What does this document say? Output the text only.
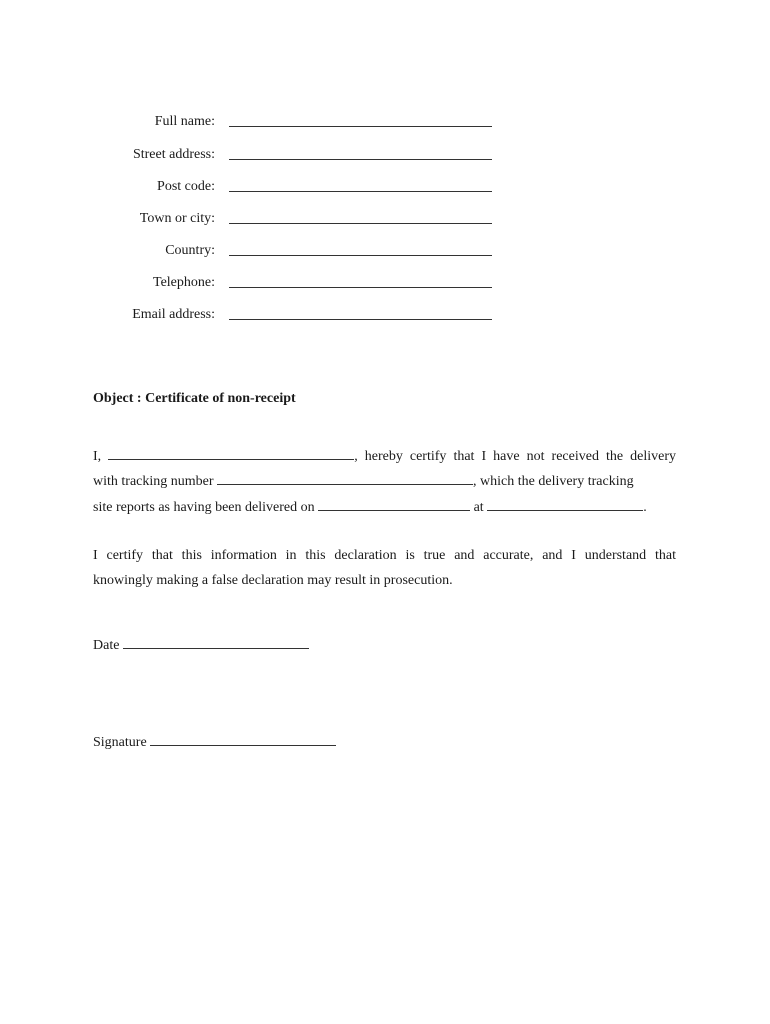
Full name:
Street address:
Post code:
Town or city:
Country:
Telephone:
Email address:
Object : Certificate of non-receipt
I,	, hereby certify that I have not received the delivery
with tracking number	, which the delivery tracking
site reports as having been delivered on	at	.
I certify that this information in this declaration is true and accurate, and I understand that
knowingly making a false declaration may result in prosecution.
Date
Signature
